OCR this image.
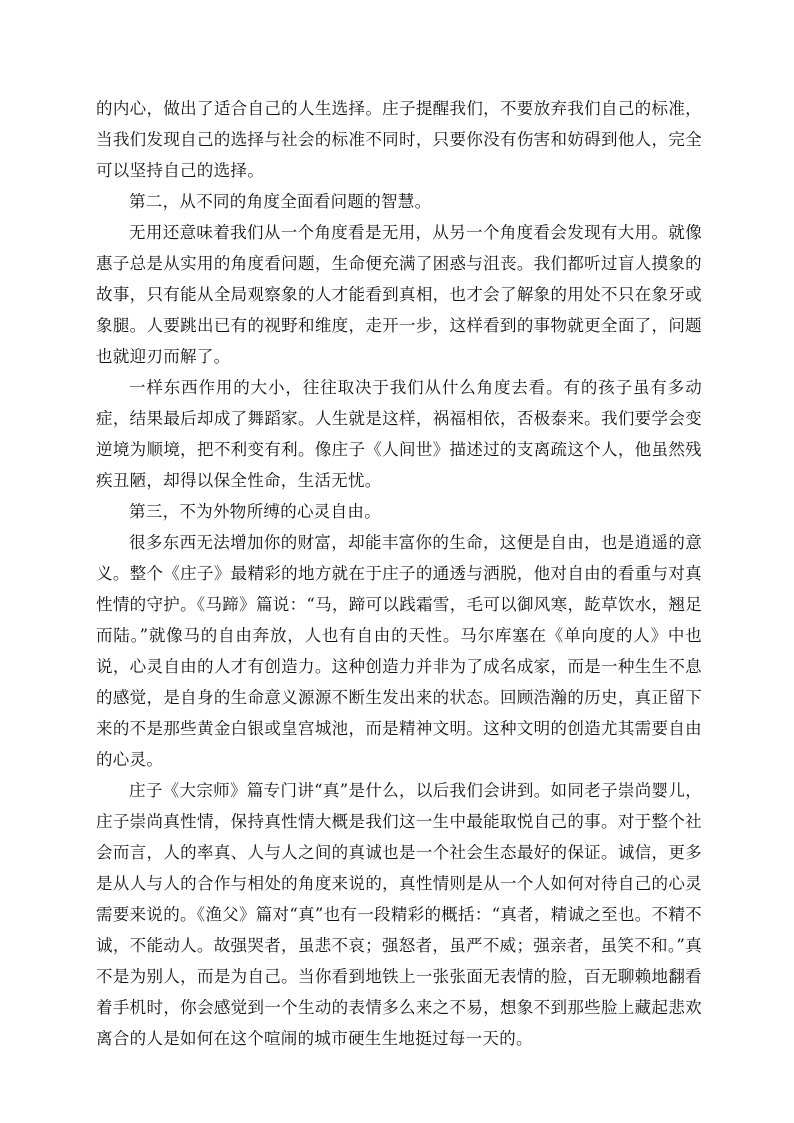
的内心，做出了适合自己的人生选择。庄子提醒我们，不要放弃我们自己的标准，当我们发现自己的选择与社会的标准不同时，只要你没有伤害和妨碍到他人，完全可以坚持自己的选择。

第二，从不同的角度全面看问题的智慧。

无用还意味着我们从一个角度看是无用，从另一个角度看会发现有大用。就像惠子总是从实用的角度看问题，生命便充满了困惑与沮丧。我们都听过盲人摸象的故事，只有能从全局观察象的人才能看到真相，也才会了解象的用处不只在象牙或象腿。人要跳出已有的视野和维度，走开一步，这样看到的事物就更全面了，问题也就迎刃而解了。

一样东西作用的大小，往往取决于我们从什么角度去看。有的孩子虽有多动症，结果最后却成了舞蹈家。人生就是这样，祸福相依，否极泰来。我们要学会变逆境为顺境，把不利变有利。像庄子《人间世》描述过的支离疏这个人，他虽然残疾丑陋，却得以保全性命，生活无忧。

第三，不为外物所缚的心灵自由。

很多东西无法增加你的财富，却能丰富你的生命，这便是自由，也是逍遥的意义。整个《庄子》最精彩的地方就在于庄子的通透与洒脱，他对自由的看重与对真性情的守护。《马蹄》篇说：“马，蹄可以践霜雪，毛可以御风寒，龁草饮水，翘足而陆。”就像马的自由奔放，人也有自由的天性。马尔库塞在《单向度的人》中也说，心灵自由的人才有创造力。这种创造力并非为了成名成家，而是一种生生不息的感觉，是自身的生命意义源源不断生发出来的状态。回顾浩瀚的历史，真正留下来的不是那些黄金白银或皇宫城池，而是精神文明。这种文明的创造尤其需要自由的心灵。

庄子《大宗师》篇专门讲“真”是什么，以后我们会讲到。如同老子崇尚婴儿，庄子崇尚真性情，保持真性情大概是我们这一生中最能取悦自己的事。对于整个社会而言，人的率真、人与人之间的真诚也是一个社会生态最好的保证。诚信，更多是从人与人的合作与相处的角度来说的，真性情则是从一个人如何对待自己的心灵需要来说的。《渔父》篇对“真”也有一段精彩的概括：“真者，精诚之至也。不精不诚，不能动人。故强哭者，虽悲不哀；强怒者，虽严不威；强亲者，虽笑不和。”真不是为别人，而是为自己。当你看到地铁上一张张面无表情的脸，百无聊赖地翻看着手机时，你会感觉到一个生动的表情多么来之不易，想象不到那些脸上藏起悲欢离合的人是如何在这个喧闹的城市硬生生地挺过每一天的。
